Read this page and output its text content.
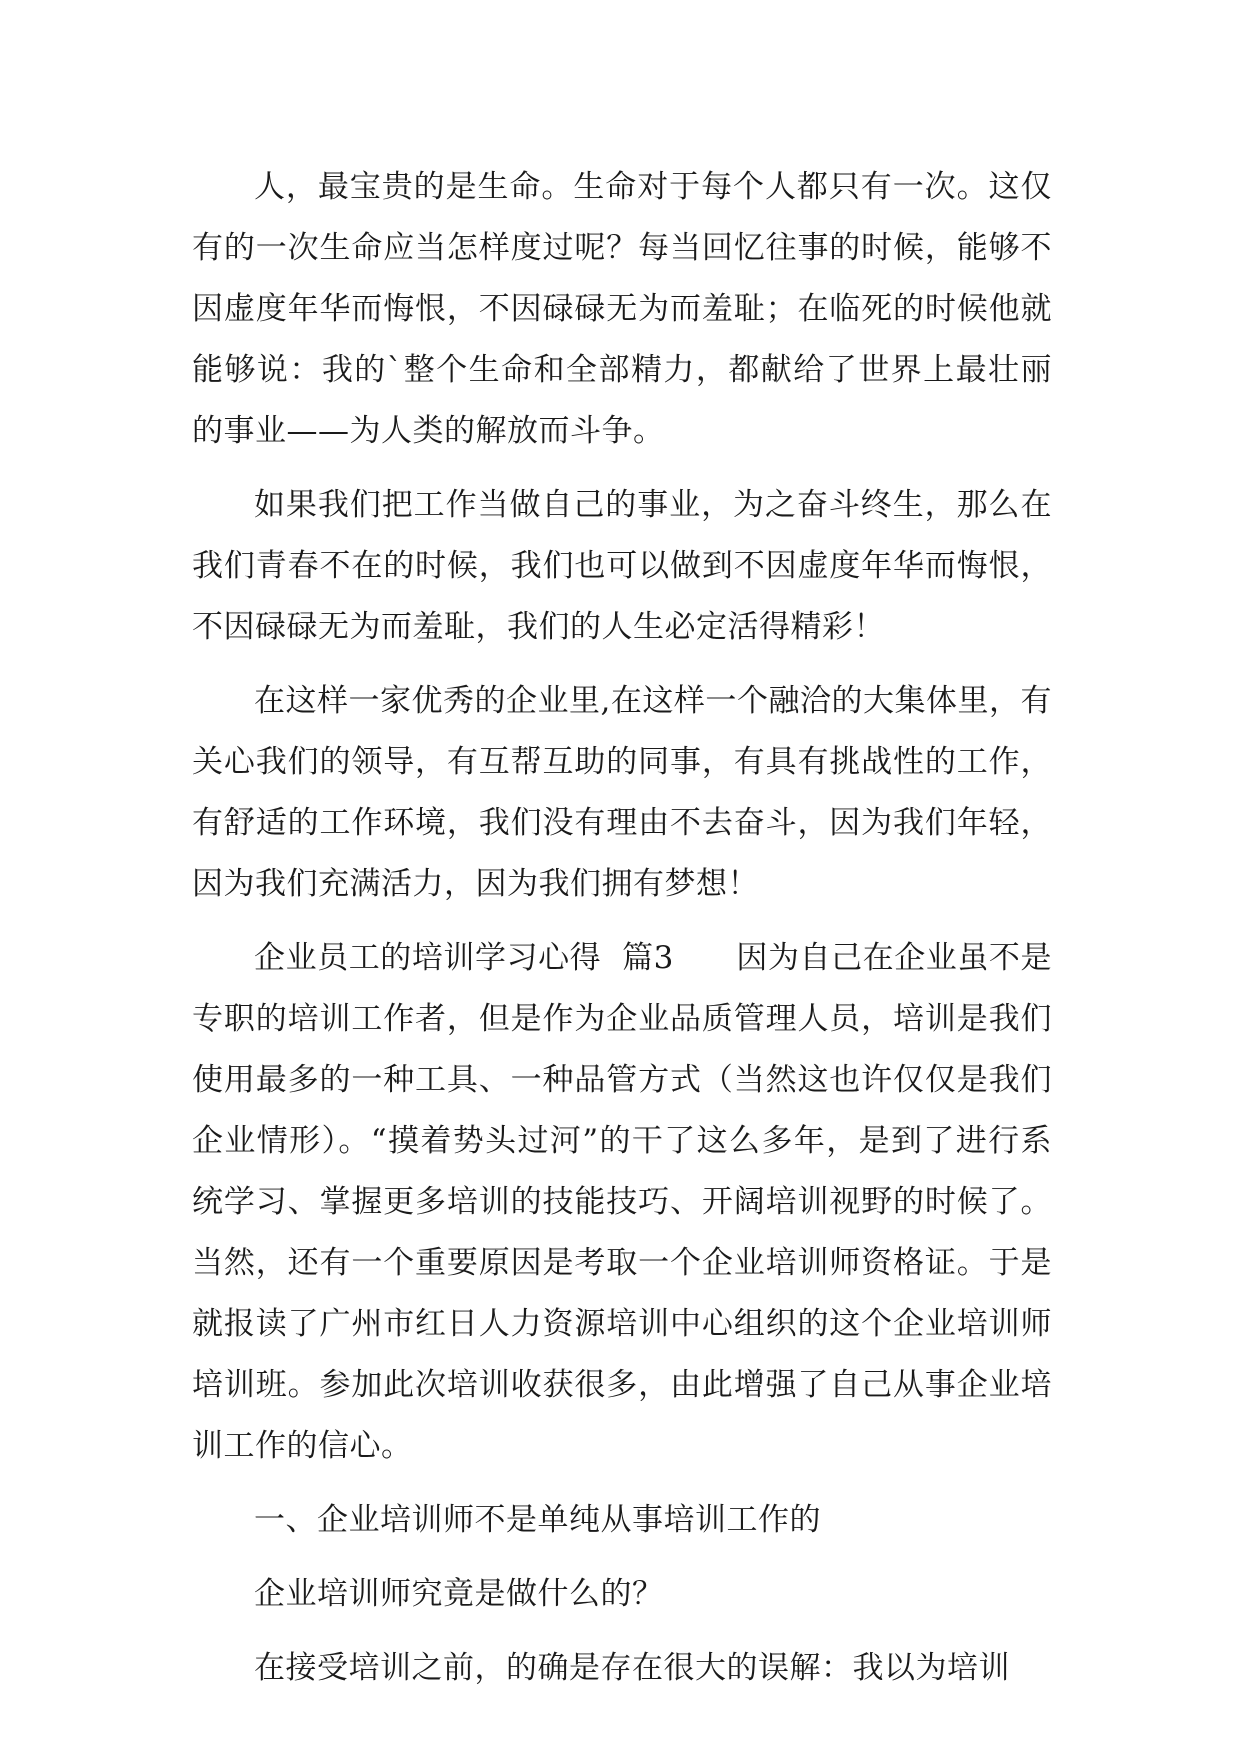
人，最宝贵的是生命。生命对于每个人都只有一次。这仅有的一次生命应当怎样度过呢？每当回忆往事的时候，能够不因虚度年华而悔恨，不因碌碌无为而羞耻；在临死的时候他就能够说：我的`整个生命和全部精力，都献给了世界上最壮丽的事业——为人类的解放而斗争。

如果我们把工作当做自己的事业，为之奋斗终生，那么在我们青春不在的时候，我们也可以做到不因虚度年华而悔恨，不因碌碌无为而羞耻，我们的人生必定活得精彩！

在这样一家优秀的企业里,在这样一个融洽的大集体里，有关心我们的领导，有互帮互助的同事，有具有挑战性的工作，有舒适的工作环境，我们没有理由不去奋斗，因为我们年轻，因为我们充满活力，因为我们拥有梦想！

企业员工的培训学习心得  篇3      因为自己在企业虽不是专职的培训工作者，但是作为企业品质管理人员，培训是我们使用最多的一种工具、一种品管方式（当然这也许仅仅是我们企业情形）。“摸着势头过河”的干了这么多年，是到了进行系统学习、掌握更多培训的技能技巧、开阔培训视野的时候了。当然，还有一个重要原因是考取一个企业培训师资格证。于是就报读了广州市红日人力资源培训中心组织的这个企业培训师培训班。参加此次培训收获很多，由此增强了自己从事企业培训工作的信心。

一、企业培训师不是单纯从事培训工作的

企业培训师究竟是做什么的？

在接受培训之前，的确是存在很大的误解：我以为培训
